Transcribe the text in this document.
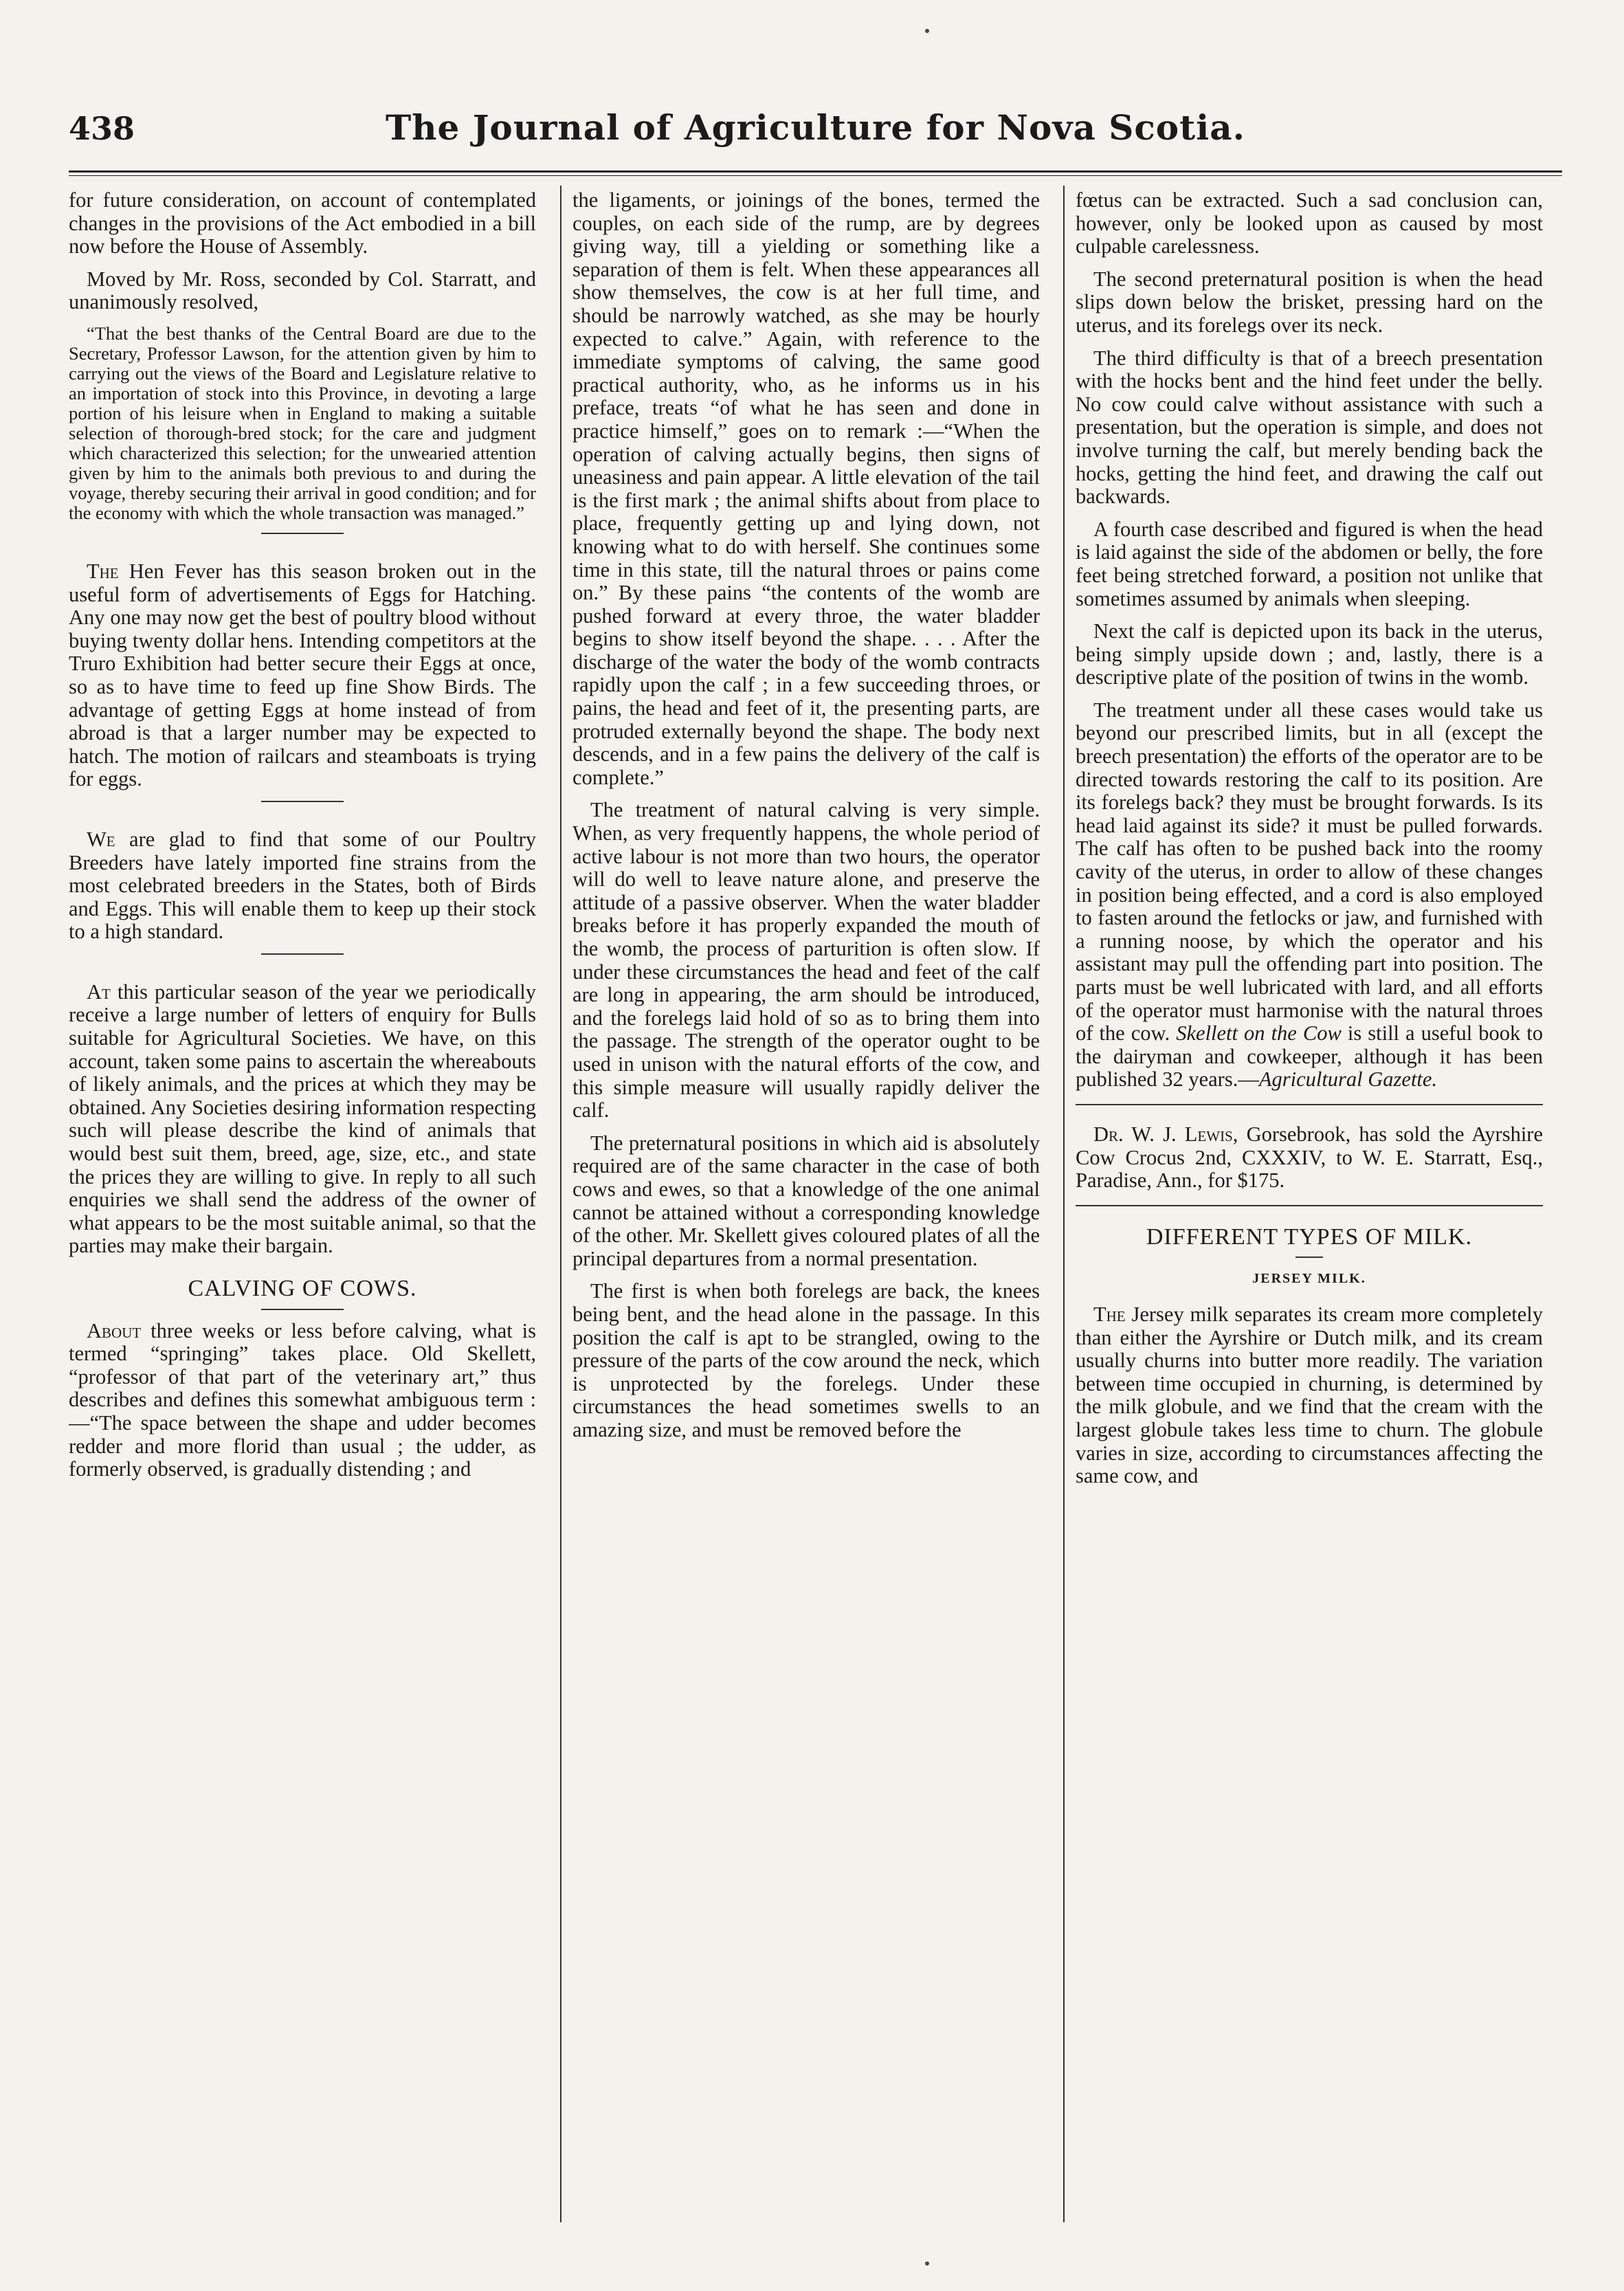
438	The Journal of Agriculture for Nova Scotia.

for future consideration, on account of contemplated changes in the provisions of the Act embodied in a bill now before the House of Assembly.

Moved by Mr. Ross, seconded by Col. Starratt, and unanimously resolved,

“That the best thanks of the Central Board are due to the Secretary, Professor Lawson, for the attention given by him to carrying out the views of the Board and Legislature relative to an importation of stock into this Province, in devoting a large portion of his leisure when in England to making a suitable selection of thorough-bred stock; for the care and judgment which characterized this selection; for the unwearied attention given by him to the animals both previous to and during the voyage, thereby securing their arrival in good condition; and for the economy with which the whole transaction was managed.”

The Hen Fever has this season broken out in the useful form of advertisements of Eggs for Hatching. Any one may now get the best of poultry blood without buying twenty dollar hens. Intending competitors at the Truro Exhibition had better secure their Eggs at once, so as to have time to feed up fine Show Birds. The advantage of getting Eggs at home instead of from abroad is that a larger number may be expected to hatch. The motion of railcars and steamboats is trying for eggs.

We are glad to find that some of our Poultry Breeders have lately imported fine strains from the most celebrated breeders in the States, both of Birds and Eggs. This will enable them to keep up their stock to a high standard.

At this particular season of the year we periodically receive a large number of letters of enquiry for Bulls suitable for Agricultural Societies. We have, on this account, taken some pains to ascertain the whereabouts of likely animals, and the prices at which they may be obtained. Any Societies desiring information respecting such will please describe the kind of animals that would best suit them, breed, age, size, etc., and state the prices they are willing to give. In reply to all such enquiries we shall send the address of the owner of what appears to be the most suitable animal, so that the parties may make their bargain.

CALVING OF COWS.

About three weeks or less before calving, what is termed “springing” takes place. Old Skellett, “professor of that part of the veterinary art,” thus describes and defines this somewhat ambiguous term :—“The space between the shape and udder becomes redder and more florid than usual ; the udder, as formerly observed, is gradually distending ; and

the ligaments, or joinings of the bones, termed the couples, on each side of the rump, are by degrees giving way, till a yielding or something like a separation of them is felt. When these appearances all show themselves, the cow is at her full time, and should be narrowly watched, as she may be hourly expected to calve.” Again, with reference to the immediate symptoms of calving, the same good practical authority, who, as he informs us in his preface, treats “of what he has seen and done in practice himself,” goes on to remark :—“When the operation of calving actually begins, then signs of uneasiness and pain appear. A little elevation of the tail is the first mark ; the animal shifts about from place to place, frequently getting up and lying down, not knowing what to do with herself. She continues some time in this state, till the natural throes or pains come on.” By these pains “the contents of the womb are pushed forward at every throe, the water bladder begins to show itself beyond the shape. . . . After the discharge of the water the body of the womb contracts rapidly upon the calf ; in a few succeeding throes, or pains, the head and feet of it, the presenting parts, are protruded externally beyond the shape. The body next descends, and in a few pains the delivery of the calf is complete.”

The treatment of natural calving is very simple. When, as very frequently happens, the whole period of active labour is not more than two hours, the operator will do well to leave nature alone, and preserve the attitude of a passive observer. When the water bladder breaks before it has properly expanded the mouth of the womb, the process of parturition is often slow. If under these circumstances the head and feet of the calf are long in appearing, the arm should be introduced, and the forelegs laid hold of so as to bring them into the passage. The strength of the operator ought to be used in unison with the natural efforts of the cow, and this simple measure will usually rapidly deliver the calf.

The preternatural positions in which aid is absolutely required are of the same character in the case of both cows and ewes, so that a knowledge of the one animal cannot be attained without a corresponding knowledge of the other. Mr. Skellett gives coloured plates of all the principal departures from a normal presentation.

The first is when both forelegs are back, the knees being bent, and the head alone in the passage. In this position the calf is apt to be strangled, owing to the pressure of the parts of the cow around the neck, which is unprotected by the forelegs. Under these circumstances the head sometimes swells to an amazing size, and must be removed before the

fœtus can be extracted. Such a sad conclusion can, however, only be looked upon as caused by most culpable carelessness.

The second preternatural position is when the head slips down below the brisket, pressing hard on the uterus, and its forelegs over its neck.

The third difficulty is that of a breech presentation with the hocks bent and the hind feet under the belly. No cow could calve without assistance with such a presentation, but the operation is simple, and does not involve turning the calf, but merely bending back the hocks, getting the hind feet, and drawing the calf out backwards.

A fourth case described and figured is when the head is laid against the side of the abdomen or belly, the fore feet being stretched forward, a position not unlike that sometimes assumed by animals when sleeping.

Next the calf is depicted upon its back in the uterus, being simply upside down ; and, lastly, there is a descriptive plate of the position of twins in the womb.

The treatment under all these cases would take us beyond our prescribed limits, but in all (except the breech presentation) the efforts of the operator are to be directed towards restoring the calf to its position. Are its forelegs back? they must be brought forwards. Is its head laid against its side? it must be pulled forwards. The calf has often to be pushed back into the roomy cavity of the uterus, in order to allow of these changes in position being effected, and a cord is also employed to fasten around the fetlocks or jaw, and furnished with a running noose, by which the operator and his assistant may pull the offending part into position. The parts must be well lubricated with lard, and all efforts of the operator must harmonise with the natural throes of the cow. Skellett on the Cow is still a useful book to the dairyman and cowkeeper, although it has been published 32 years.—Agricultural Gazette.

Dr. W. J. Lewis, Gorsebrook, has sold the Ayrshire Cow Crocus 2nd, CXXXIV, to W. E. Starratt, Esq., Paradise, Ann., for $175.

DIFFERENT TYPES OF MILK.
JERSEY MILK.

The Jersey milk separates its cream more completely than either the Ayrshire or Dutch milk, and its cream usually churns into butter more readily. The variation between time occupied in churning, is determined by the milk globule, and we find that the cream with the largest globule takes less time to churn. The globule varies in size, according to circumstances affecting the same cow, and
